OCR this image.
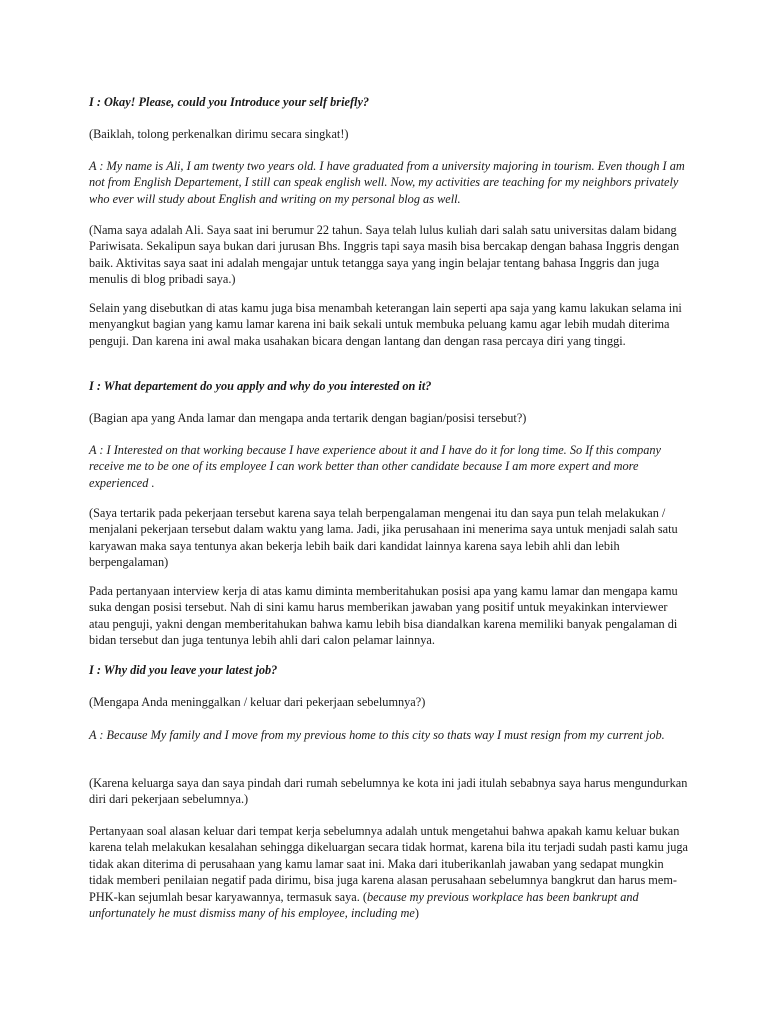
I : Okay! Please, could you Introduce your self briefly?

(Baiklah, tolong perkenalkan dirimu secara singkat!)

A : My name is Ali, I am twenty two years old. I have graduated from a university majoring in tourism. Even though I am not from English Departement, I still can speak english well. Now, my activities are teaching for my neighbors privately who ever will study about English and writing on my personal blog as well.

(Nama saya adalah Ali. Saya saat ini berumur 22 tahun. Saya telah lulus kuliah dari salah satu universitas dalam bidang Pariwisata. Sekalipun saya bukan dari jurusan Bhs. Inggris tapi saya masih bisa bercakap dengan bahasa Inggris dengan baik. Aktivitas saya saat ini adalah mengajar untuk tetangga saya yang ingin belajar tentang bahasa Inggris dan juga menulis di blog pribadi saya.)

Selain yang disebutkan di atas kamu juga bisa menambah keterangan lain seperti apa saja yang kamu lakukan selama ini menyangkut bagian yang kamu lamar karena ini baik sekali untuk membuka peluang kamu agar lebih mudah diterima penguji. Dan karena ini awal maka usahakan bicara dengan lantang dan dengan rasa percaya diri yang tinggi.

I : What departement do you apply and why do you interested on it?

(Bagian apa yang Anda lamar dan mengapa anda tertarik dengan bagian/posisi tersebut?)

A : I Interested on that working because I have experience about it and I have do it for long time. So If this company receive me to be one of its employee I can work better than other candidate because I am more expert and more experienced .

(Saya tertarik pada pekerjaan tersebut karena saya telah berpengalaman mengenai itu dan saya pun telah melakukan / menjalani pekerjaan tersebut dalam waktu yang lama. Jadi, jika perusahaan ini menerima saya untuk menjadi salah satu karyawan maka saya tentunya akan bekerja lebih baik dari kandidat lainnya karena saya lebih ahli dan lebih berpengalaman)

Pada pertanyaan interview kerja di atas kamu diminta memberitahukan posisi apa yang kamu lamar dan mengapa kamu suka dengan posisi tersebut. Nah di sini kamu harus memberikan jawaban yang positif untuk meyakinkan interviewer atau penguji, yakni dengan memberitahukan bahwa kamu lebih bisa diandalkan karena memiliki banyak pengalaman di bidan tersebut dan juga tentunya lebih ahli dari calon pelamar lainnya.

I : Why did you leave your latest job?

(Mengapa Anda meninggalkan / keluar dari pekerjaan sebelumnya?)

A : Because My family and I move from my previous home to this city so thats way I must resign from my current job.

(Karena keluarga saya dan saya pindah dari rumah sebelumnya ke kota ini jadi itulah sebabnya saya harus mengundurkan diri dari pekerjaan sebelumnya.)

Pertanyaan soal alasan keluar dari tempat kerja sebelumnya adalah untuk mengetahui bahwa apakah kamu keluar bukan karena telah melakukan kesalahan sehingga dikeluargan secara tidak hormat, karena bila itu terjadi sudah pasti kamu juga tidak akan diterima di perusahaan yang kamu lamar saat ini. Maka dari ituberikanlah jawaban yang sedapat mungkin tidak memberi penilaian negatif pada dirimu, bisa juga karena alasan perusahaan sebelumnya bangkrut dan harus mem-PHK-kan sejumlah besar karyawannya, termasuk saya. (because my previous workplace has been bankrupt and unfortunately he must dismiss many of his employee, including me)
